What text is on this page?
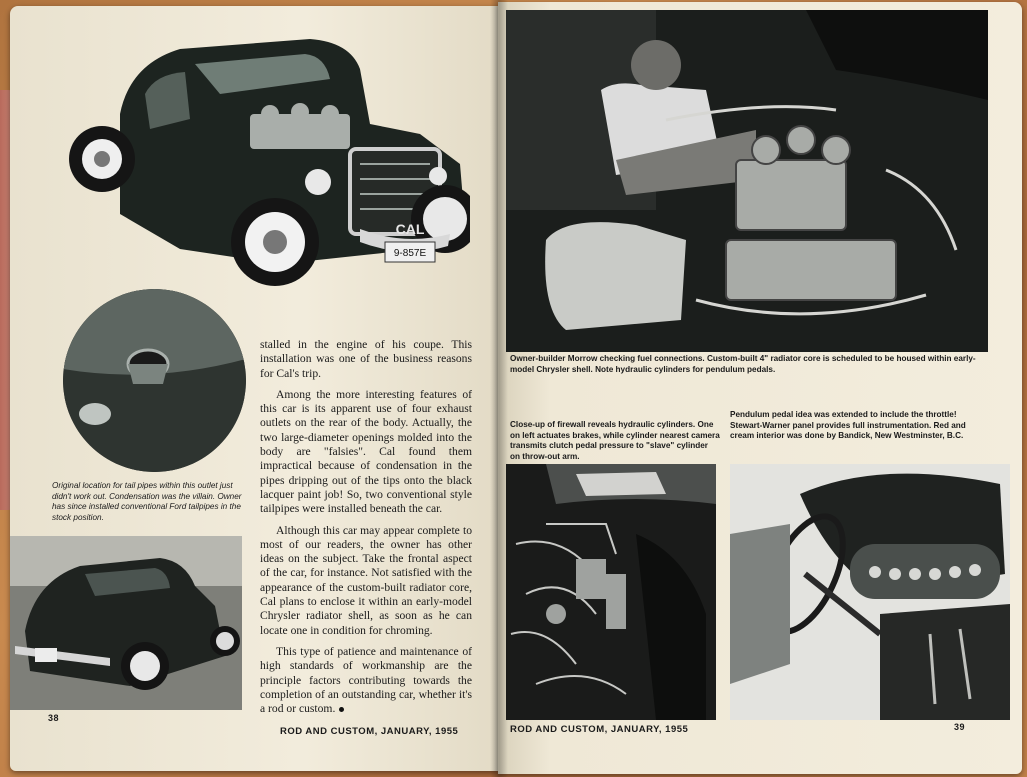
9-857E
CAL
Original location for tail pipes within this outlet just didn't work out. Condensation was the villain. Owner has since installed conventional Ford tailpipes in the stock position.

stalled in the engine of his coupe. This installation was one of the business reasons for Cal's trip.

Among the more interesting features of this car is its apparent use of four exhaust outlets on the rear of the body. Actually, the two large-diameter openings molded into the body are "falsies". Cal found them impractical because of condensation in the pipes dripping out of the tips onto the black lacquer paint job! So, two conventional style tailpipes were installed beneath the car.

Although this car may appear complete to most of our readers, the owner has other ideas on the subject. Take the frontal aspect of the car, for instance. Not satisfied with the appearance of the custom-built radiator core, Cal plans to enclose it within an early-model Chrysler radiator shell, as soon as he can locate one in condition for chroming.

This type of patience and maintenance of high standards of workmanship are the principle factors contributing towards the completion of an outstanding car, whether it's a rod or custom.

38
ROD AND CUSTOM, JANUARY, 1955
Owner-builder Morrow checking fuel connections. Custom-built 4" radiator core is scheduled to be housed within early-model Chrysler shell. Note hydraulic cylinders for pendulum pedals.
Close-up of firewall reveals hydraulic cylinders. One on left actuates brakes, while cylinder nearest camera transmits clutch pedal pressure to "slave" cylinder on throw-out arm.
Pendulum pedal idea was extended to include the throttle! Stewart-Warner panel provides full instrumentation. Red and cream interior was done by Bandick, New Westminster, B.C.
ROD AND CUSTOM, JANUARY, 1955	39
